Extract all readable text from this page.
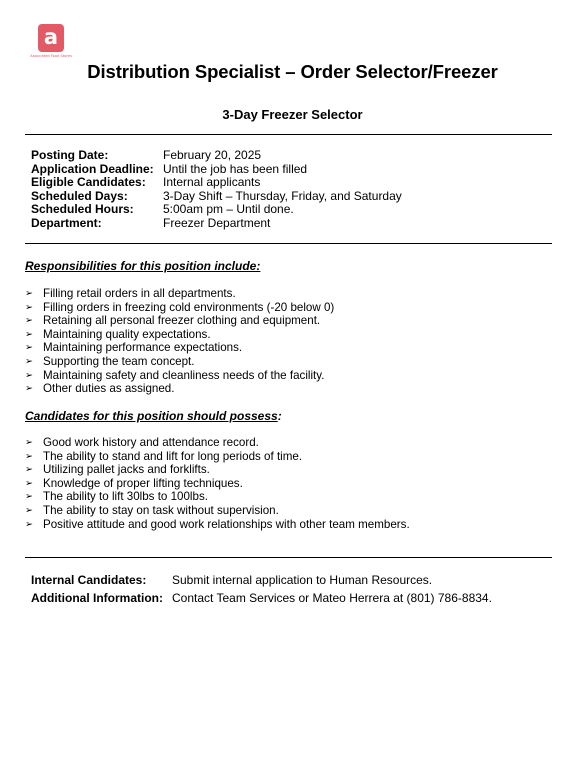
a
Associated Food Stores
Distribution Specialist – Order Selector/Freezer
3-Day Freezer Selector
Posting Date:	February 20, 2025
Application Deadline:	Until the job has been filled
Eligible Candidates:	Internal applicants
Scheduled Days:	3-Day Shift – Thursday, Friday, and Saturday
Scheduled Hours:	5:00am pm – Until done.
Department:	Freezer Department

Responsibilities for this position include:

➢ Filling retail orders in all departments.
➢ Filling orders in freezing cold environments (-20 below 0)
➢ Retaining all personal freezer clothing and equipment.
➢ Maintaining quality expectations.
➢ Maintaining performance expectations.
➢ Supporting the team concept.
➢ Maintaining safety and cleanliness needs of the facility.
➢ Other duties as assigned.

Candidates for this position should possess:

➢ Good work history and attendance record.
➢ The ability to stand and lift for long periods of time.
➢ Utilizing pallet jacks and forklifts.
➢ Knowledge of proper lifting techniques.
➢ The ability to lift 30lbs to 100lbs.
➢ The ability to stay on task without supervision.
➢ Positive attitude and good work relationships with other team members.
Internal Candidates:	Submit internal application to Human Resources.
Additional Information:	Contact Team Services or Mateo Herrera at (801) 786-8834.
